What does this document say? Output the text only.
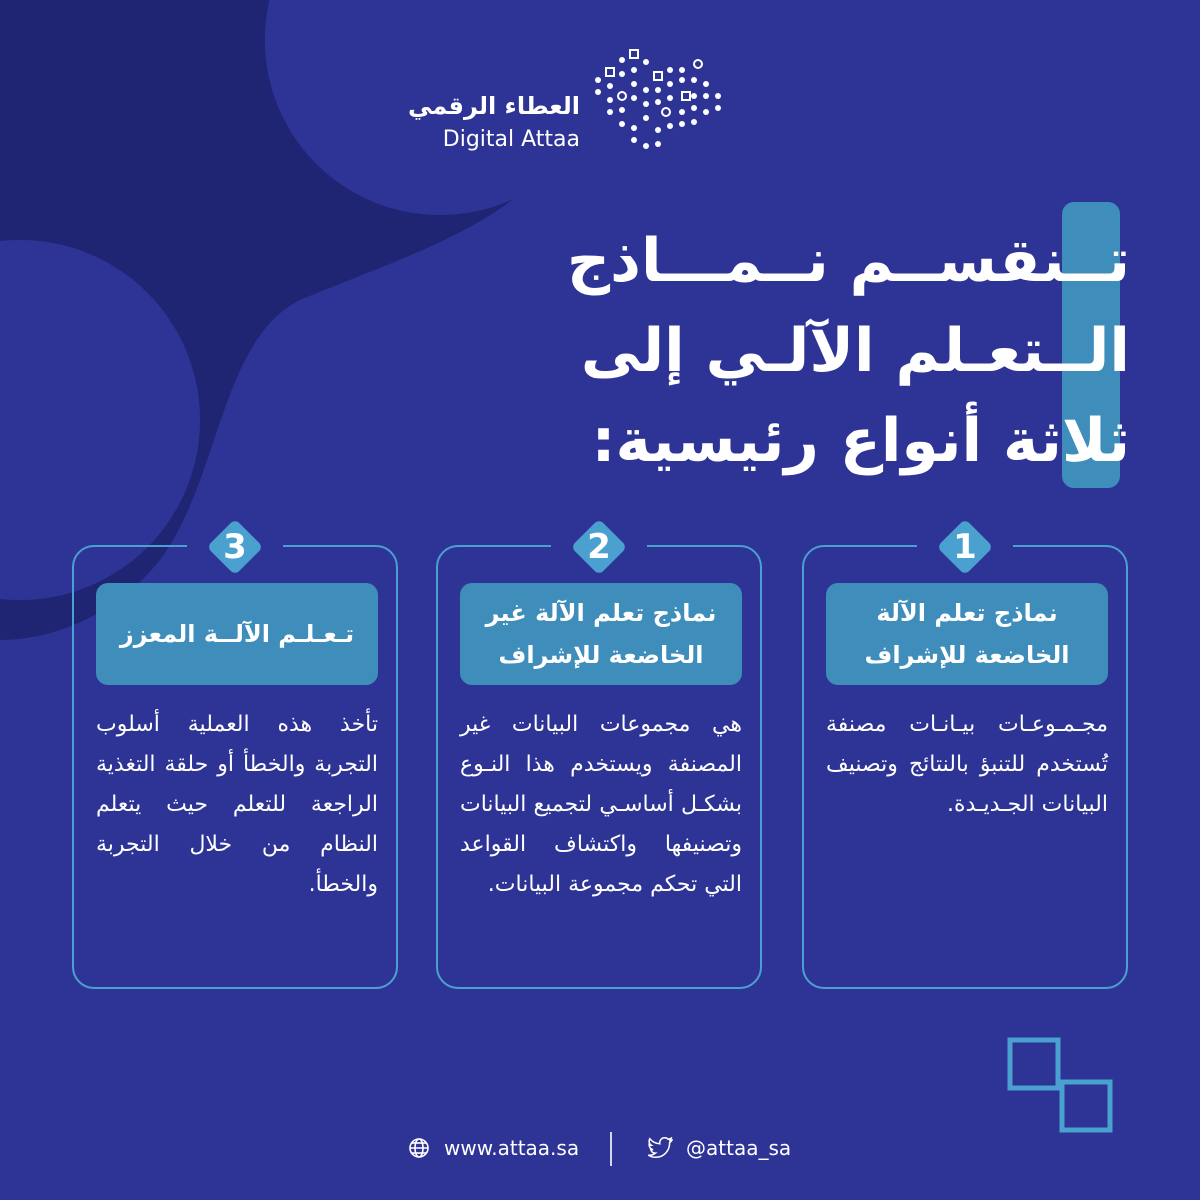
العطاء الرقمي
Digital Attaa
تــنقســم نــمـــاذج
الــتعـلم الآلـي إلى
ثلاثة أنواع رئيسية:
1
نماذج تعلم الآلة الخاضعة للإشراف
مجـمـوعـات بيـانـات مصنفة تُستخدم للتنبؤ بالنتائج وتصنيف البيانات الجـديـدة.
2
نماذج تعلم الآلة غير الخاضعة للإشراف
هي مجموعات البيانات غير المصنفة ويستخدم هذا النـوع بشكـل أساسـي لتجميع البيانات وتصنيفها واكتشاف القواعد التي تحكم مجموعة البيانات.
3
تـعـلـم الآلــة المعزز
تأخذ هذه العملية أسلوب التجربة والخطأ أو حلقة التغذية الراجعة للتعلم حيث يتعلم النظام من خلال التجربة والخطأ.
www.attaa.sa	@attaa_sa
